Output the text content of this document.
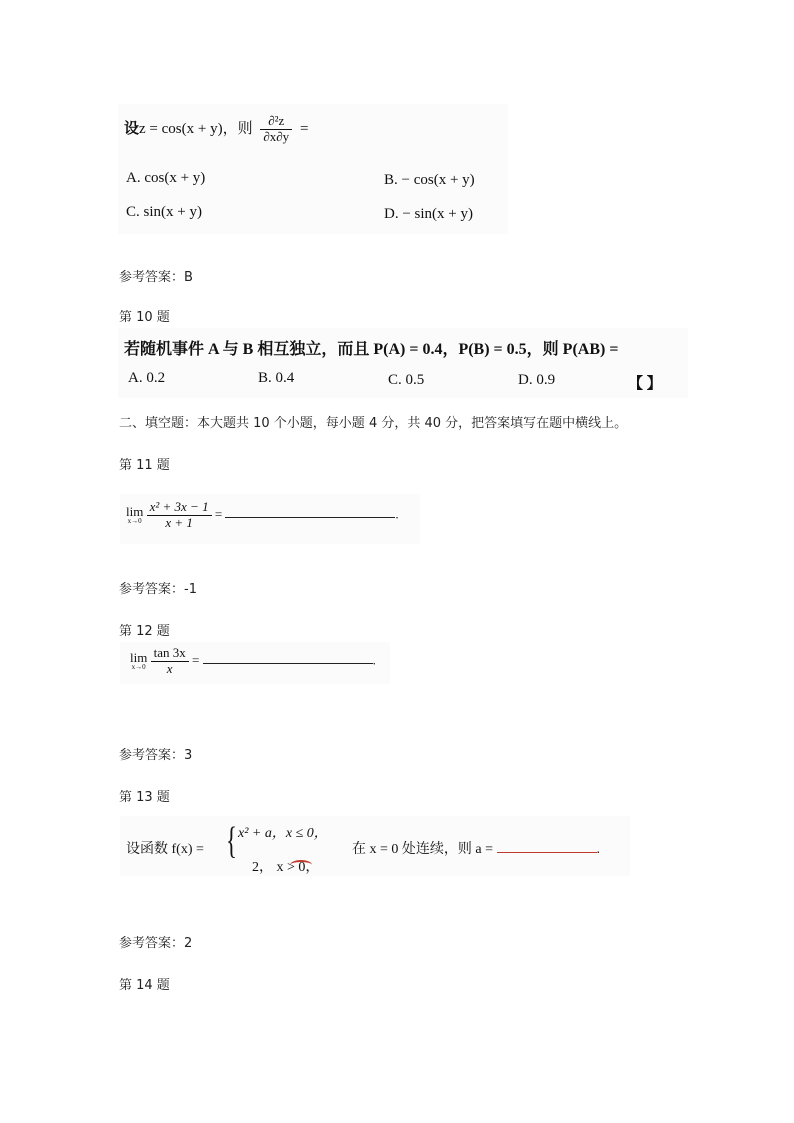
设z = cos(x + y)，则 $\frac{\text{∂²z}}{\partial x\partial y}$ =
A. cos(x + y)	B. − cos(x + y)
C. sin(x + y)	D. − sin(x + y)
参考答案：B
第 10 题
若随机事件 A 与 B 相互独立，而且 P(A) = 0.4，P(B) = 0.5，则 P(AB) =
A. 0.2	B. 0.4	C. 0.5	D. 0.9	【 】
二、填空题：本大题共 10 个小题，每小题 4 分，共 40 分，把答案填写在题中横线上。
第 11 题
lim
x→0
$\frac{\text{x² + 3x − 1}}{x + 1}$ =	.
参考答案：-1
第 12 题
lim
x→0
$\frac{\tan 3x}{x}$ =	.
参考答案：3
第 13 题
设函数 f(x) = { x² + a，x ≤ 0，
2， x > 0，
在 x = 0 处连续，则 a =	.
参考答案：2
第 14 题
